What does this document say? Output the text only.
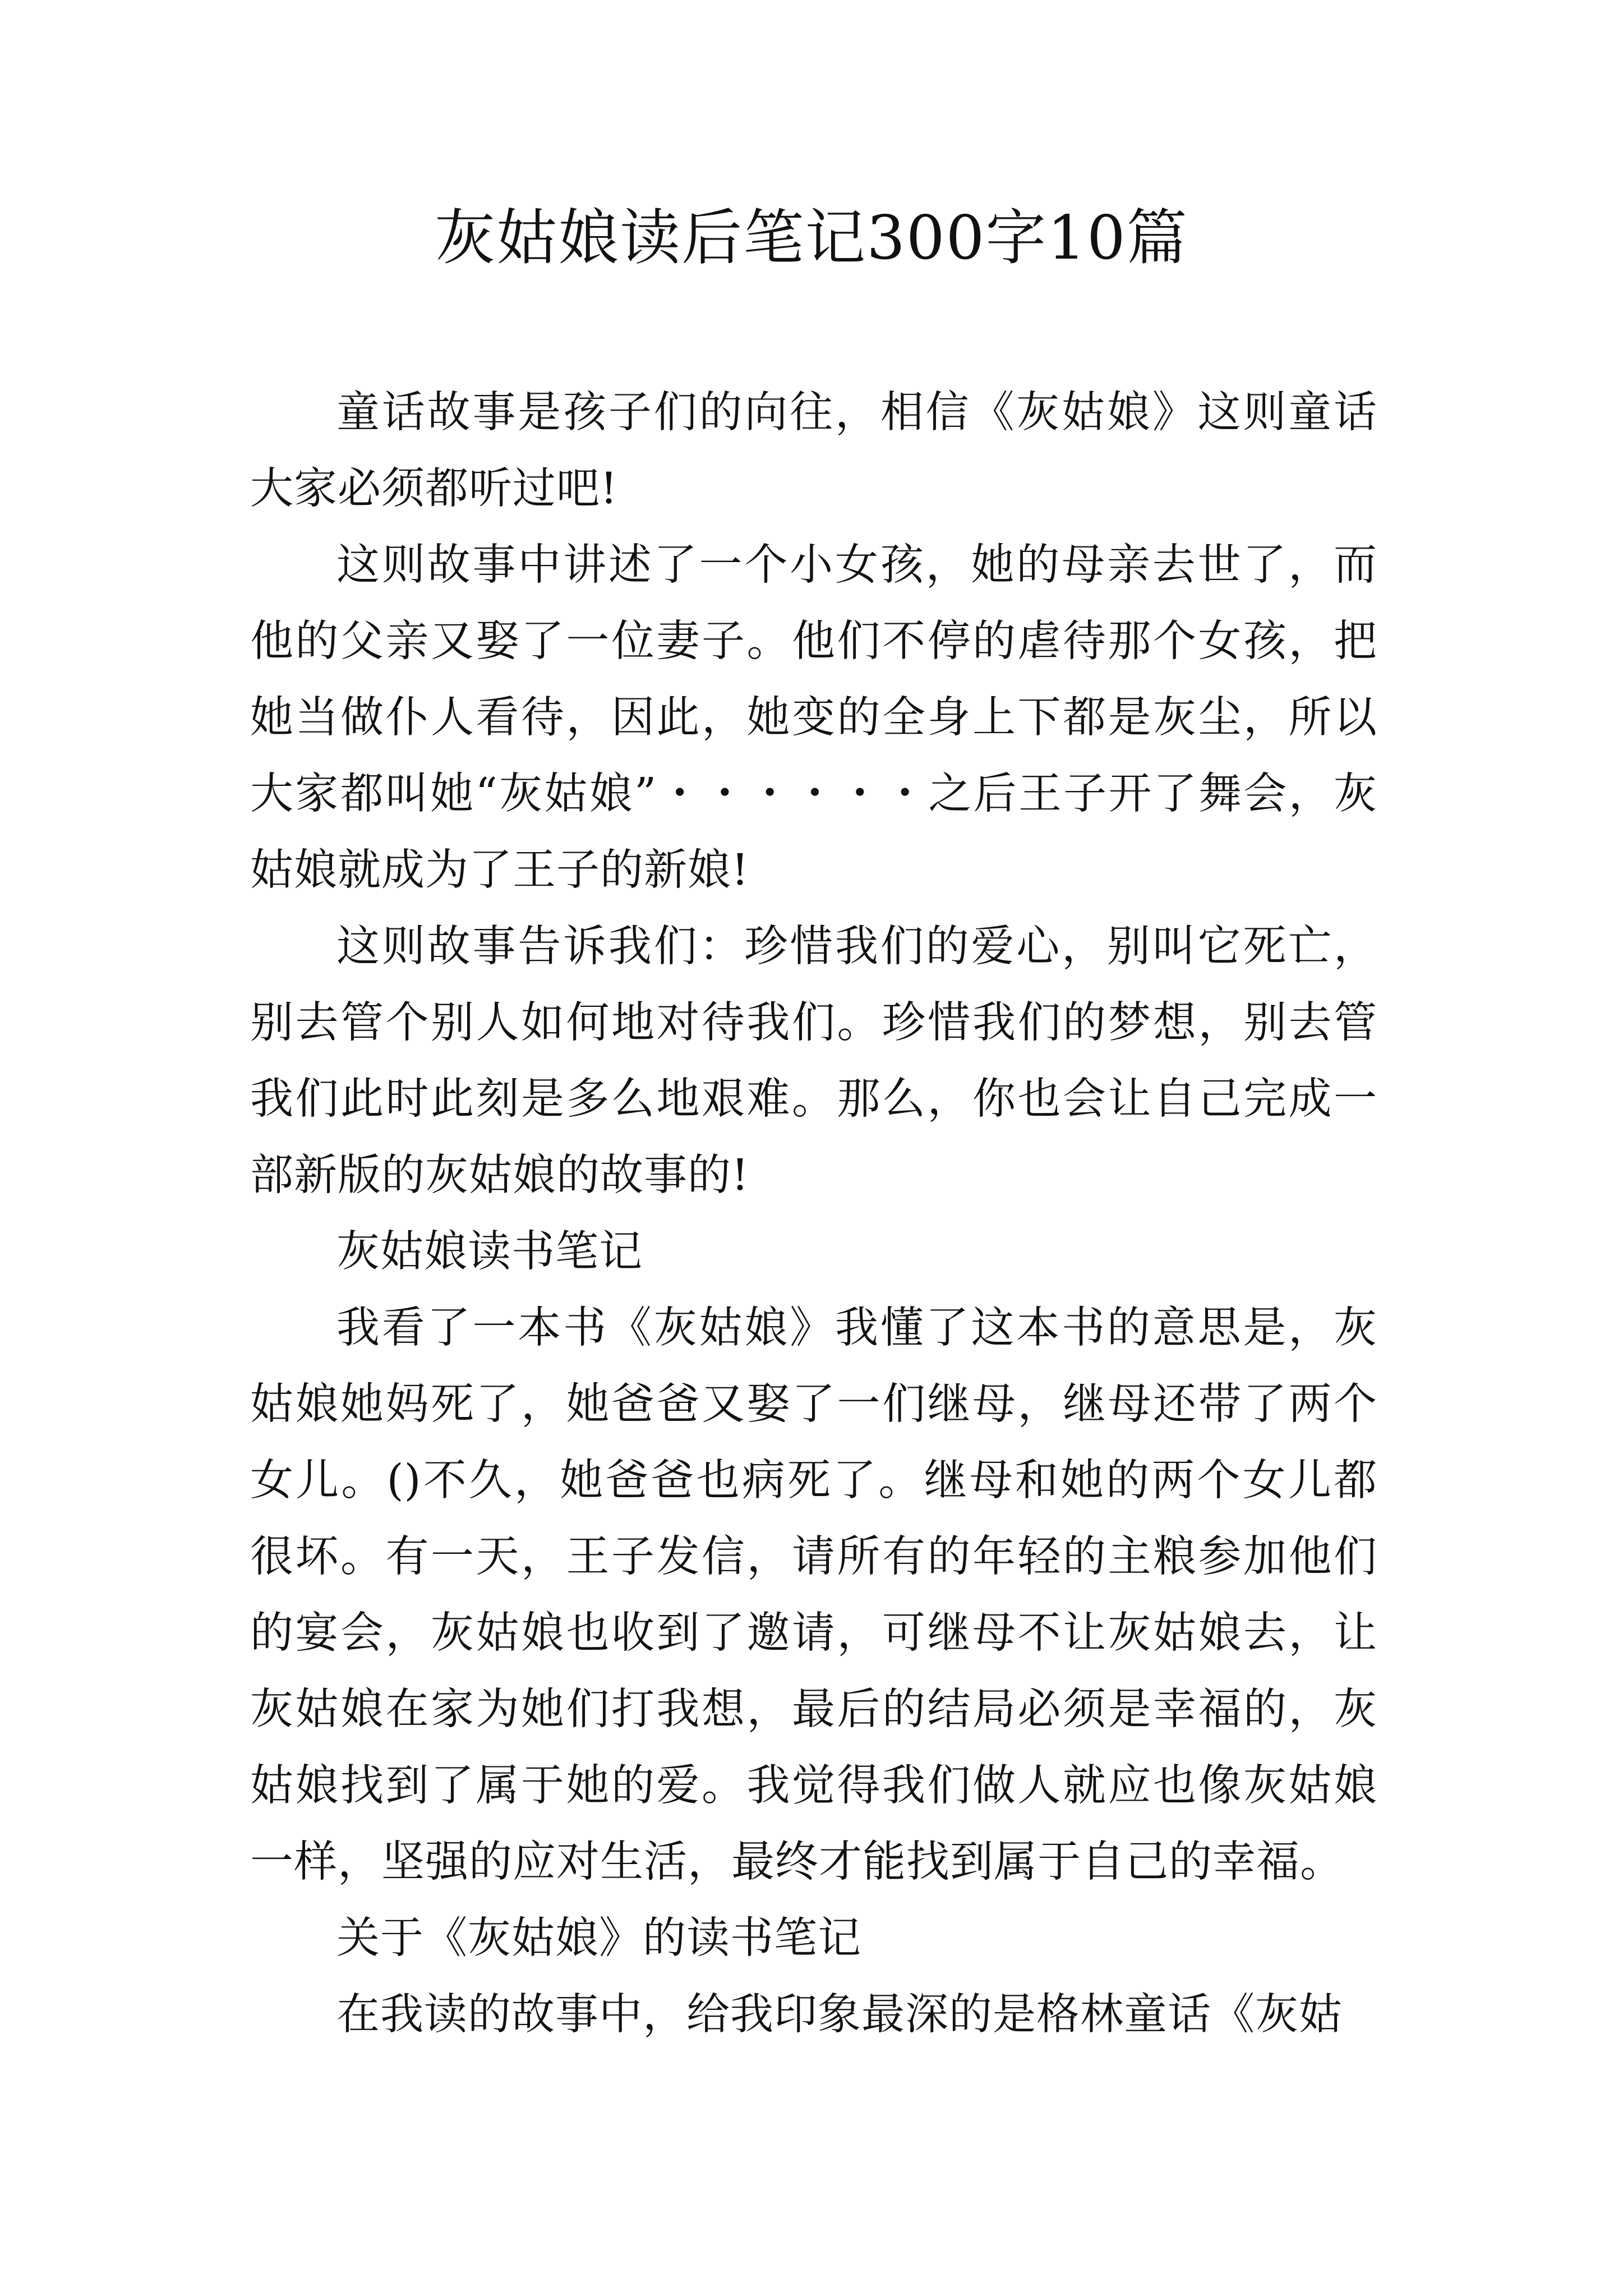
灰姑娘读后笔记300字10篇

童话故事是孩子们的向往，相信《灰姑娘》这则童话大家必须都听过吧!

这则故事中讲述了一个小女孩，她的母亲去世了，而他的父亲又娶了一位妻子。他们不停的虐待那个女孩，把她当做仆人看待，因此，她变的全身上下都是灰尘，所以大家都叫她“灰姑娘”・・・・・・之后王子开了舞会，灰姑娘就成为了王子的新娘!

这则故事告诉我们：珍惜我们的爱心，别叫它死亡，别去管个别人如何地对待我们。珍惜我们的梦想，别去管我们此时此刻是多么地艰难。那么，你也会让自己完成一部新版的灰姑娘的故事的!

灰姑娘读书笔记

我看了一本书《灰姑娘》我懂了这本书的意思是，灰姑娘她妈死了，她爸爸又娶了一们继母，继母还带了两个女儿。()不久，她爸爸也病死了。继母和她的两个女儿都很坏。有一天，王子发信，请所有的年轻的主粮参加他们的宴会，灰姑娘也收到了邀请，可继母不让灰姑娘去，让灰姑娘在家为她们打我想，最后的结局必须是幸福的，灰姑娘找到了属于她的爱。我觉得我们做人就应也像灰姑娘一样，坚强的应对生活，最终才能找到属于自己的幸福。

关于《灰姑娘》的读书笔记

在我读的故事中，给我印象最深的是格林童话《灰姑
